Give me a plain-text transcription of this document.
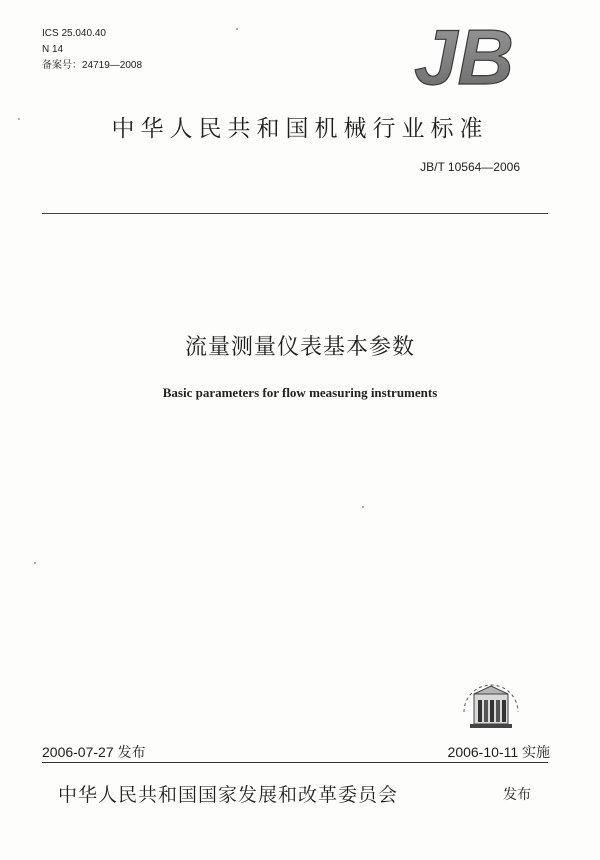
ICS 25.040.40
N 14
备案号：24719—2008	JB
中华人民共和国机械行业标准
JB/T 10564—2006
流量测量仪表基本参数
Basic parameters for flow measuring instruments
2006-07-27 发布	2006-10-11 实施
中华人民共和国国家发展和改革委员会	发布
